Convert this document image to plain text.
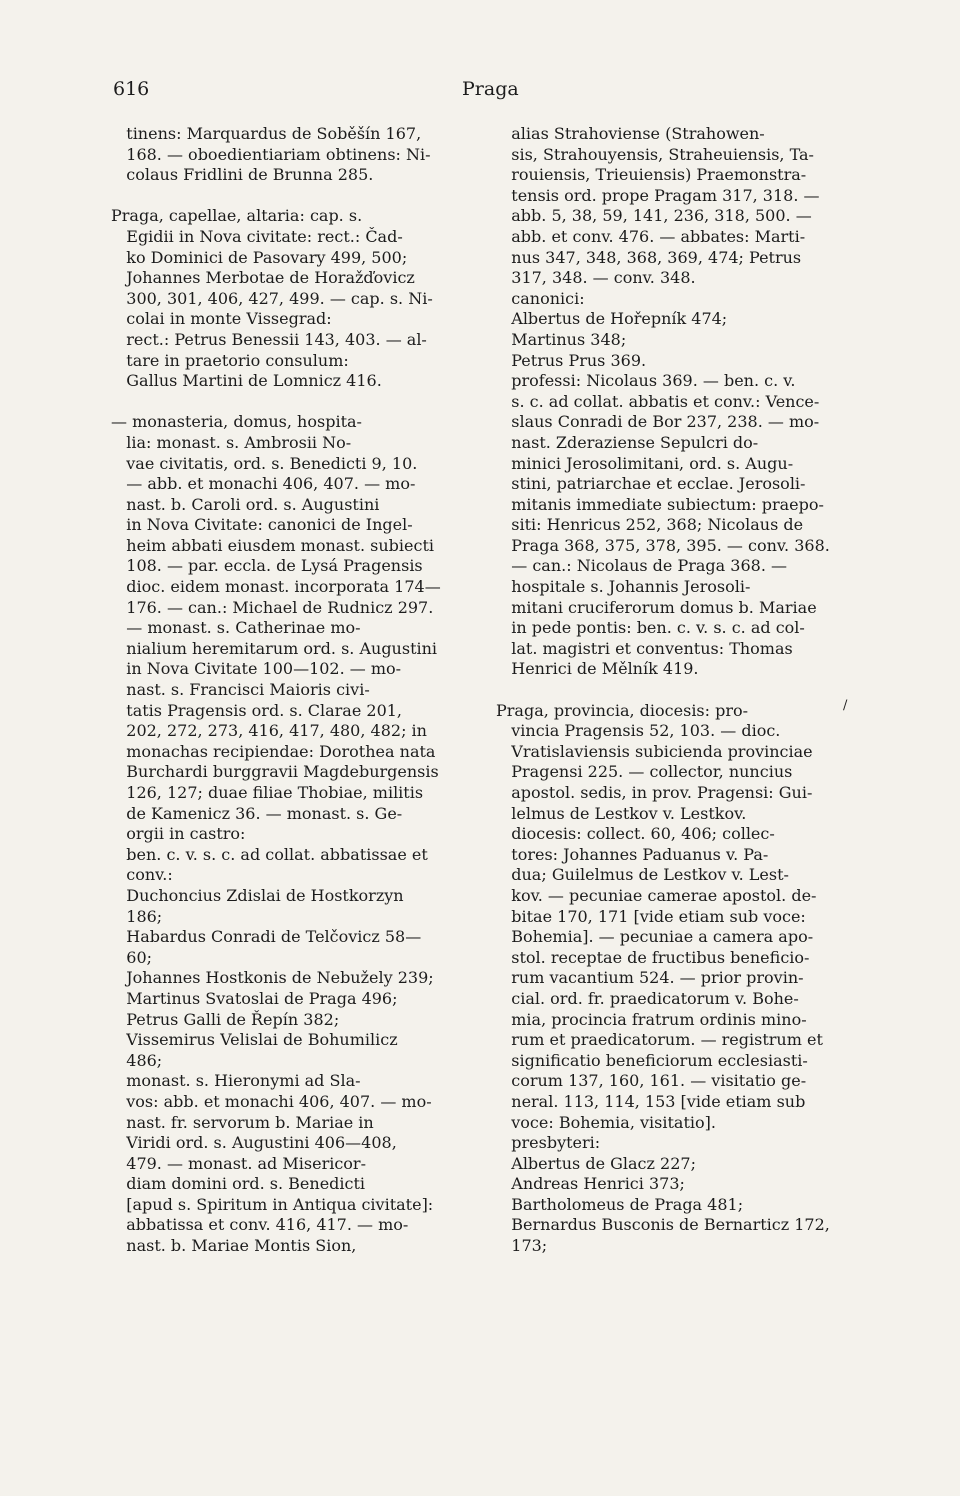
616	Praga
tinens: Marquardus de Soběšín 167,
168. — oboedientiariam obtinens: Ni-
colaus Fridlini de Brunna 285.
Praga, capellae, altaria: cap. s.
Egidii in Nova civitate: rect.: Čad-
ko Dominici de Pasovary 499, 500;
Johannes Merbotae de Horažďovicz
300, 301, 406, 427, 499. — cap. s. Ni-
colai in monte Vissegrad:
rect.: Petrus Benessii 143, 403. — al-
tare in praetorio consulum:
Gallus Martini de Lomnicz 416.
— monasteria, domus, hospita-
lia: monast. s. Ambrosii No-
vae civitatis, ord. s. Benedicti 9, 10.
— abb. et monachi 406, 407. — mo-
nast. b. Caroli ord. s. Augustini
in Nova Civitate: canonici de Ingel-
heim abbati eiusdem monast. subiecti
108. — par. eccla. de Lysá Pragensis
dioc. eidem monast. incorporata 174—
176. — can.: Michael de Rudnicz 297.
— monast. s. Catherinae mo-
nialium heremitarum ord. s. Augustini
in Nova Civitate 100—102. — mo-
nast. s. Francisci Maioris civi-
tatis Pragensis ord. s. Clarae 201,
202, 272, 273, 416, 417, 480, 482; in
monachas recipiendae: Dorothea nata
Burchardi burggravii Magdeburgensis
126, 127; duae filiae Thobiae, militis
de Kamenicz 36. — monast. s. Ge-
orgii in castro:
ben. c. v. s. c. ad collat. abbatissae et
conv.:
Duchoncius Zdislai de Hostkorzyn
186;
Habardus Conradi de Telčovicz 58—
60;
Johannes Hostkonis de Nebužely 239;
Martinus Svatoslai de Praga 496;
Petrus Galli de Řepín 382;
Vissemirus Velislai de Bohumilicz
486;
monast. s. Hieronymi ad Sla-
vos: abb. et monachi 406, 407. — mo-
nast. fr. servorum b. Mariae in
Viridi ord. s. Augustini 406—408,
479. — monast. ad Misericor-
diam domini ord. s. Benedicti
[apud s. Spiritum in Antiqua civitate]:
abbatissa et conv. 416, 417. — mo-
nast. b. Mariae Montis Sion,
alias Strahoviense (Strahowen-
sis, Strahouyensis, Straheuiensis, Ta-
rouiensis, Trieuiensis) Praemonstra-
tensis ord. prope Pragam 317, 318. —
abb. 5, 38, 59, 141, 236, 318, 500. —
abb. et conv. 476. — abbates: Marti-
nus 347, 348, 368, 369, 474; Petrus
317, 348. — conv. 348.
canonici:
Albertus de Hořepník 474;
Martinus 348;
Petrus Prus 369.
professi: Nicolaus 369. — ben. c. v.
s. c. ad collat. abbatis et conv.: Vence-
slaus Conradi de Bor 237, 238. — mo-
nast. Zderaziense Sepulcri do-
minici Jerosolimitani, ord. s. Augu-
stini, patriarchae et ecclae. Jerosoli-
mitanis immediate subiectum: praepo-
siti: Henricus 252, 368; Nicolaus de
Praga 368, 375, 378, 395. — conv. 368.
— can.: Nicolaus de Praga 368. —
hospitale s. Johannis Jerosoli-
mitani cruciferorum domus b. Mariae
in pede pontis: ben. c. v. s. c. ad col-
lat. magistri et conventus: Thomas
Henrici de Mělník 419.
Praga, provincia, diocesis: pro-
vincia Pragensis 52, 103. — dioc.
Vratislaviensis subicienda provinciae
Pragensi 225. — collector, nuncius
apostol. sedis, in prov. Pragensi: Gui-
lelmus de Lestkov v. Lestkov.
diocesis: collect. 60, 406; collec-
tores: Johannes Paduanus v. Pa-
dua; Guilelmus de Lestkov v. Lest-
kov. — pecuniae camerae apostol. de-
bitae 170, 171 [vide etiam sub voce:
Bohemia]. — pecuniae a camera apo-
stol. receptae de fructibus beneficio-
rum vacantium 524. — prior provin-
cial. ord. fr. praedicatorum v. Bohe-
mia, procincia fratrum ordinis mino-
rum et praedicatorum. — registrum et
significatio beneficiorum ecclesiasti-
corum 137, 160, 161. — visitatio ge-
neral. 113, 114, 153 [vide etiam sub
voce: Bohemia, visitatio].
presbyteri:
Albertus de Glacz 227;
Andreas Henrici 373;
Bartholomeus de Praga 481;
Bernardus Busconis de Bernarticz 172,
173;
/
